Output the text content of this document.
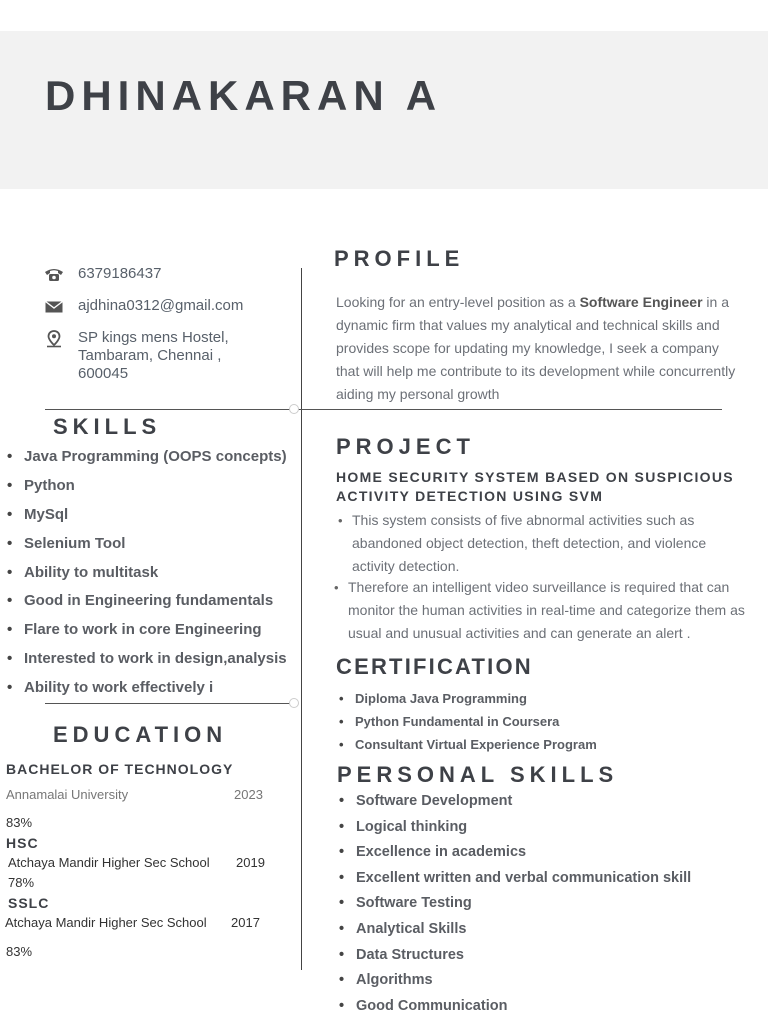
DHINAKARAN A
6379186437
ajdhina0312@gmail.com
SP kings mens Hostel,
Tambaram, Chennai ,
600045
SKILLS
• Java Programming (OOPS concepts)
• Python
• MySql
• Selenium Tool
• Ability to multitask
• Good in Engineering fundamentals
• Flare to work in core Engineering
• Interested to work in design,analysis
• Ability to work effectively i
EDUCATION
BACHELOR OF TECHNOLOGY
Annamalai University	2023
83%
HSC
Atchaya Mandir Higher Sec School 2019
78%
SSLC
Atchaya Mandir Higher Sec School 2017
83%
PROFILE
Looking for an entry-level position as a Software Engineer in a dynamic firm that values my analytical and technical skills and provides scope for updating my knowledge, I seek a company that will help me contribute to its development while concurrently aiding my personal growth
PROJECT
HOME SECURITY SYSTEM BASED ON SUSPICIOUS ACTIVITY DETECTION USING SVM
• This system consists of five abnormal activities such as abandoned object detection, theft detection, and violence activity detection.
• Therefore an intelligent video surveillance is required that can monitor the human activities in real-time and categorize them as usual and unusual activities and can generate an alert .
CERTIFICATION
• Diploma Java Programming
• Python Fundamental in Coursera
• Consultant Virtual Experience Program
PERSONAL SKILLS
• Software Development
• Logical thinking
• Excellence in academics
• Excellent written and verbal communication skill
• Software Testing
• Analytical Skills
• Data Structures
• Algorithms
• Good Communication
